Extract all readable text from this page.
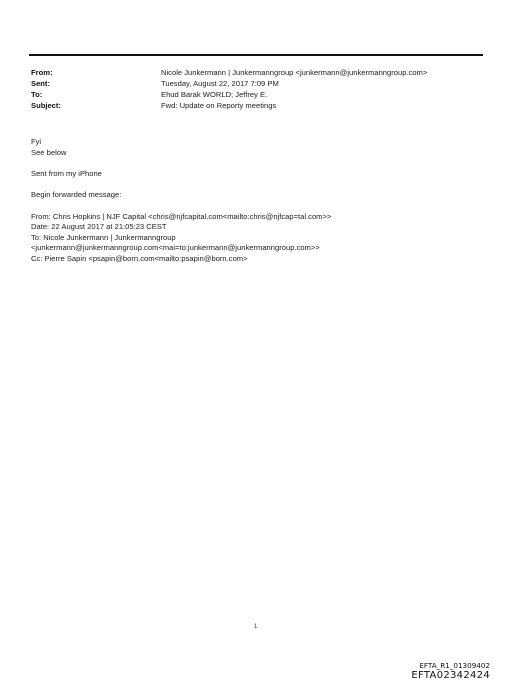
From:	Nicole Junkermann | Junkermanngroup <junkermann@junkermanngroup.com>
Sent:	Tuesday, August 22, 2017 7:09 PM
To:	Ehud Barak WORLD; Jeffrey E.
Subject:	Fwd: Update on Reporty meetings
Fyi
See below
Sent from my iPhone
Begin forwarded message:
From: Chris Hopkins | NJF Capital <chris@njfcapital.com<mailto:chris@njfcap=tal.com>>
Date: 22 August 2017 at 21:05:23 CEST
To: Nicole Junkermann | Junkermanngroup
<junkermann@junkermanngroup.com<mai=to:junkermann@junkermanngroup.com>>
Cc: Pierre Sapin <psapin@born.com<mailto:psapin@born.com>
1
EFTA_R1_01309402
EFTA02342424
